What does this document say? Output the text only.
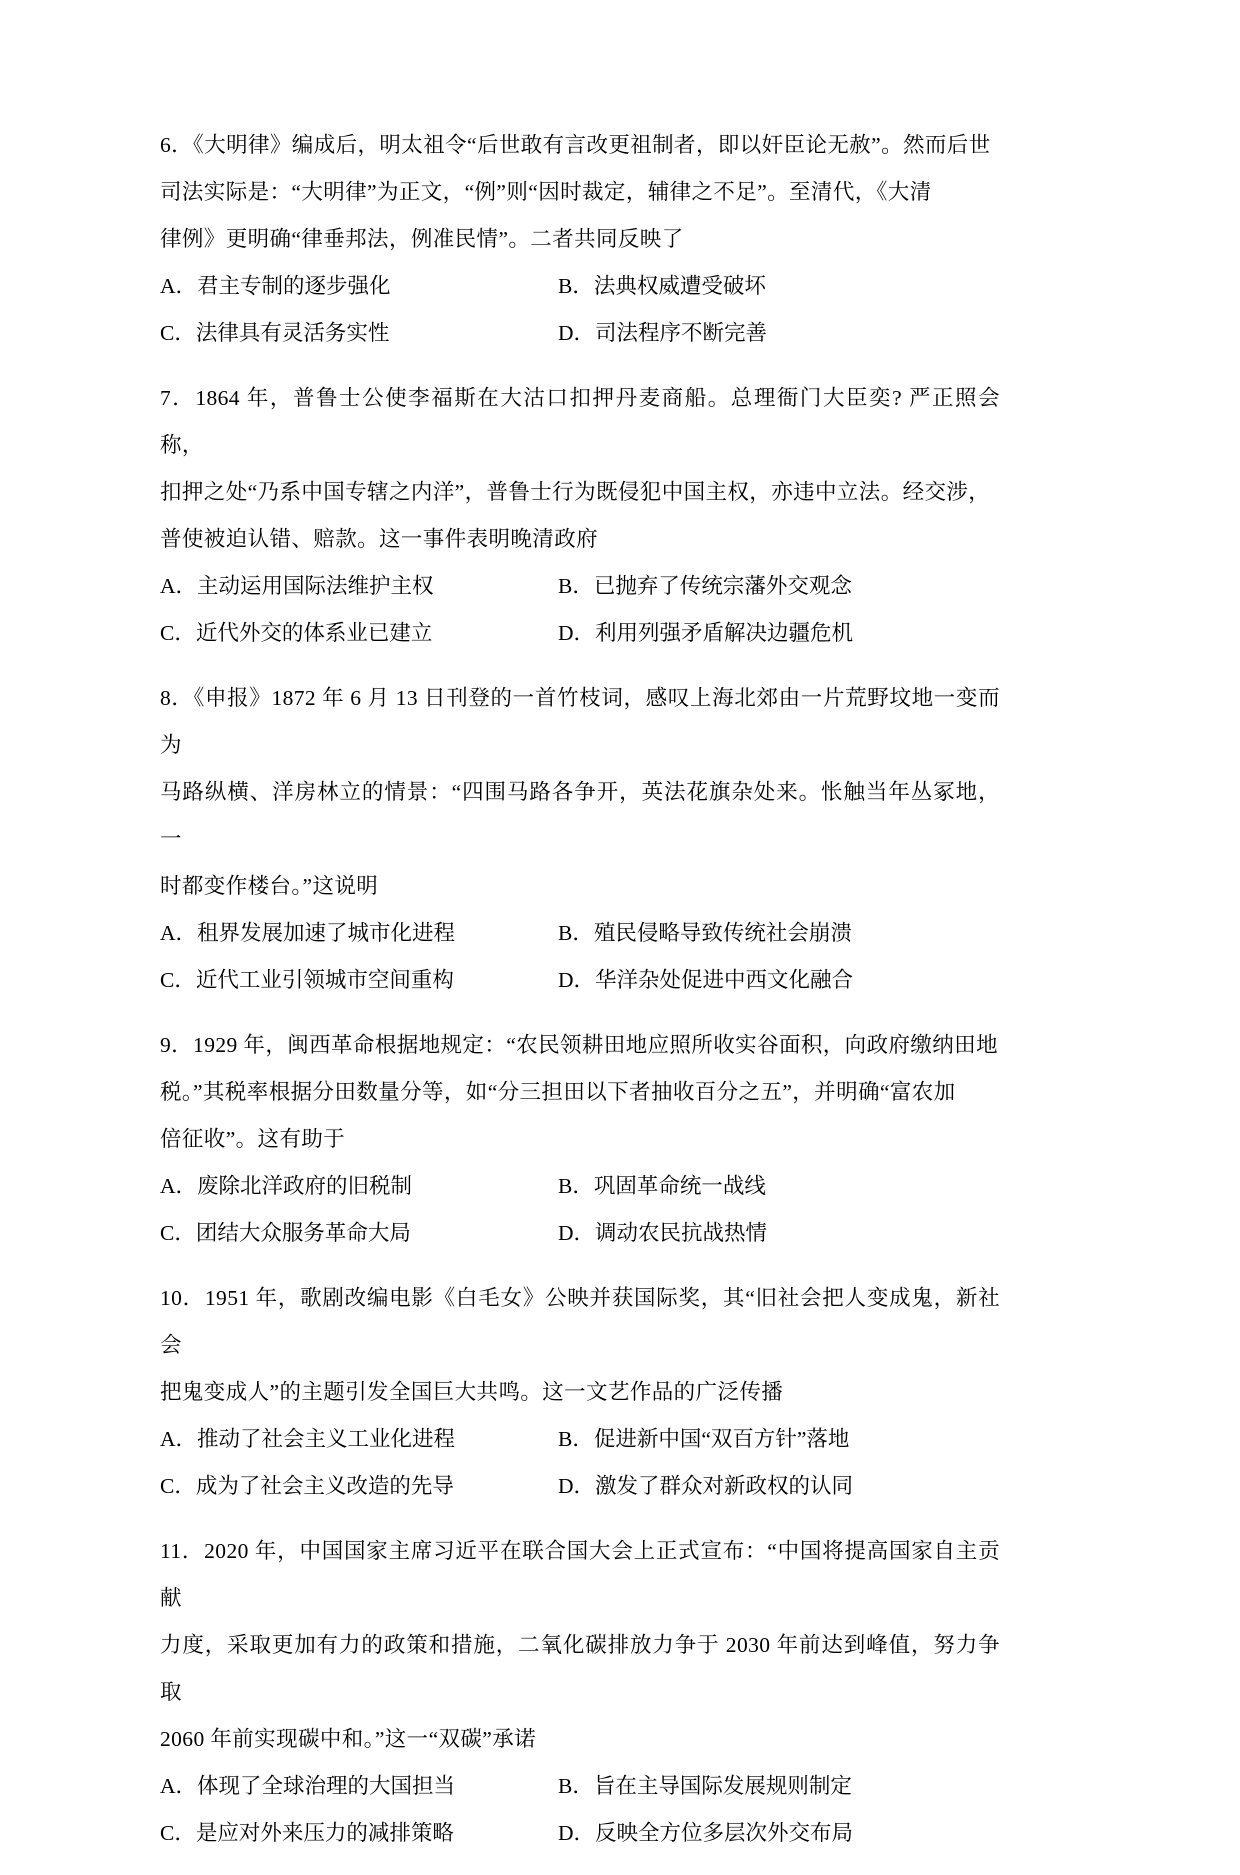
6．《大明律》编成后，明太祖令“后世敢有言改更祖制者，即以奸臣论无赦”。然而后世
司法实际是：“大明律”为正文，“例”则“因时裁定，辅律之不足”。至清代，《大清
律例》更明确“律垂邦法，例准民情”。二者共同反映了
A． 君主专制的逐步强化	B． 法典权威遭受破坏
C． 法律具有灵活务实性	D． 司法程序不断完善
7．1864 年，普鲁士公使李福斯在大沽口扣押丹麦商船。总理衙门大臣奕? 严正照会称，
扣押之处“乃系中国专辖之内洋”，普鲁士行为既侵犯中国主权，亦违中立法。经交涉，
普使被迫认错、赔款。这一事件表明晚清政府
A． 主动运用国际法维护主权	B． 已抛弃了传统宗藩外交观念
C． 近代外交的体系业已建立	D． 利用列强矛盾解决边疆危机
8．《申报》1872 年 6 月 13 日刊登的一首竹枝词，感叹上海北郊由一片荒野坟地一变而为
马路纵横、洋房林立的情景：“四围马路各争开，英法花旗杂处来。怅触当年丛冢地，一
时都变作楼台。”这说明
A． 租界发展加速了城市化进程	B． 殖民侵略导致传统社会崩溃
C． 近代工业引领城市空间重构	D． 华洋杂处促进中西文化融合
9．1929 年，闽西革命根据地规定：“农民领耕田地应照所收实谷面积，向政府缴纳田地
税。”其税率根据分田数量分等，如“分三担田以下者抽收百分之五”，并明确“富农加
倍征收”。这有助于
A． 废除北洋政府的旧税制	B． 巩固革命统一战线
C． 团结大众服务革命大局	D． 调动农民抗战热情
10．1951 年，歌剧改编电影《白毛女》公映并获国际奖，其“旧社会把人变成鬼，新社会
把鬼变成人”的主题引发全国巨大共鸣。这一文艺作品的广泛传播
A． 推动了社会主义工业化进程	B． 促进新中国“双百方针”落地
C． 成为了社会主义改造的先导	D． 激发了群众对新政权的认同
11．2020 年，中国国家主席习近平在联合国大会上正式宣布：“中国将提高国家自主贡献
力度，采取更加有力的政策和措施，二氧化碳排放力争于 2030 年前达到峰值，努力争取
2060 年前实现碳中和。”这一“双碳”承诺
A． 体现了全球治理的大国担当	B． 旨在主导国际发展规则制定
C． 是应对外来压力的减排策略	D． 反映全方位多层次外交布局
